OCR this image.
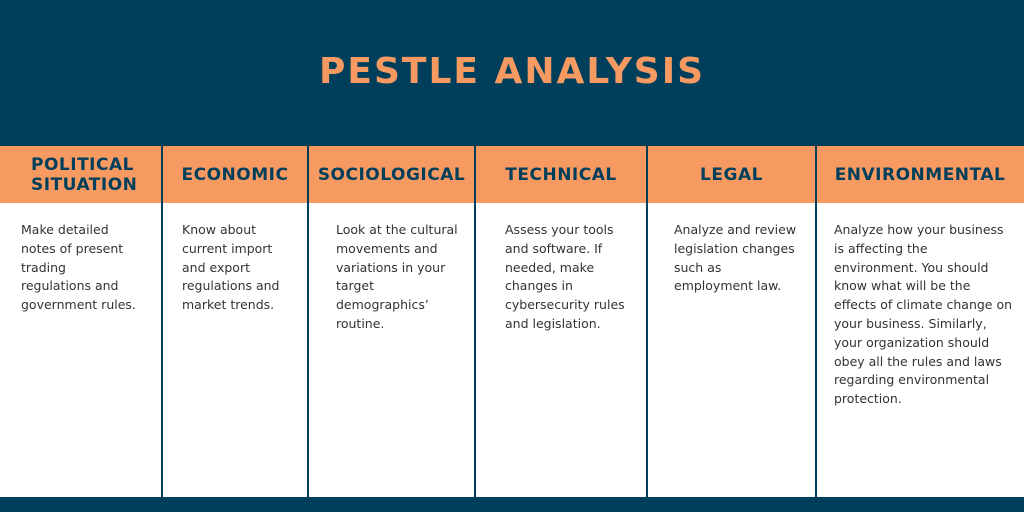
PESTLE ANALYSIS
POLITICAL SITUATION
Make detailed notes of present trading regulations and government rules.
ECONOMIC
Know about current import and export regulations and market trends.
SOCIOLOGICAL
Look at the cultural movements and variations in your target demographics’ routine.
TECHNICAL
Assess your tools and software. If needed, make changes in cybersecurity rules and legislation.
LEGAL
Analyze and review legislation changes such as employment law.
ENVIRONMENTAL
Analyze how your business is affecting the environment. You should know what will be the effects of climate change on your business. Similarly, your organization should obey all the rules and laws regarding environmental protection.
